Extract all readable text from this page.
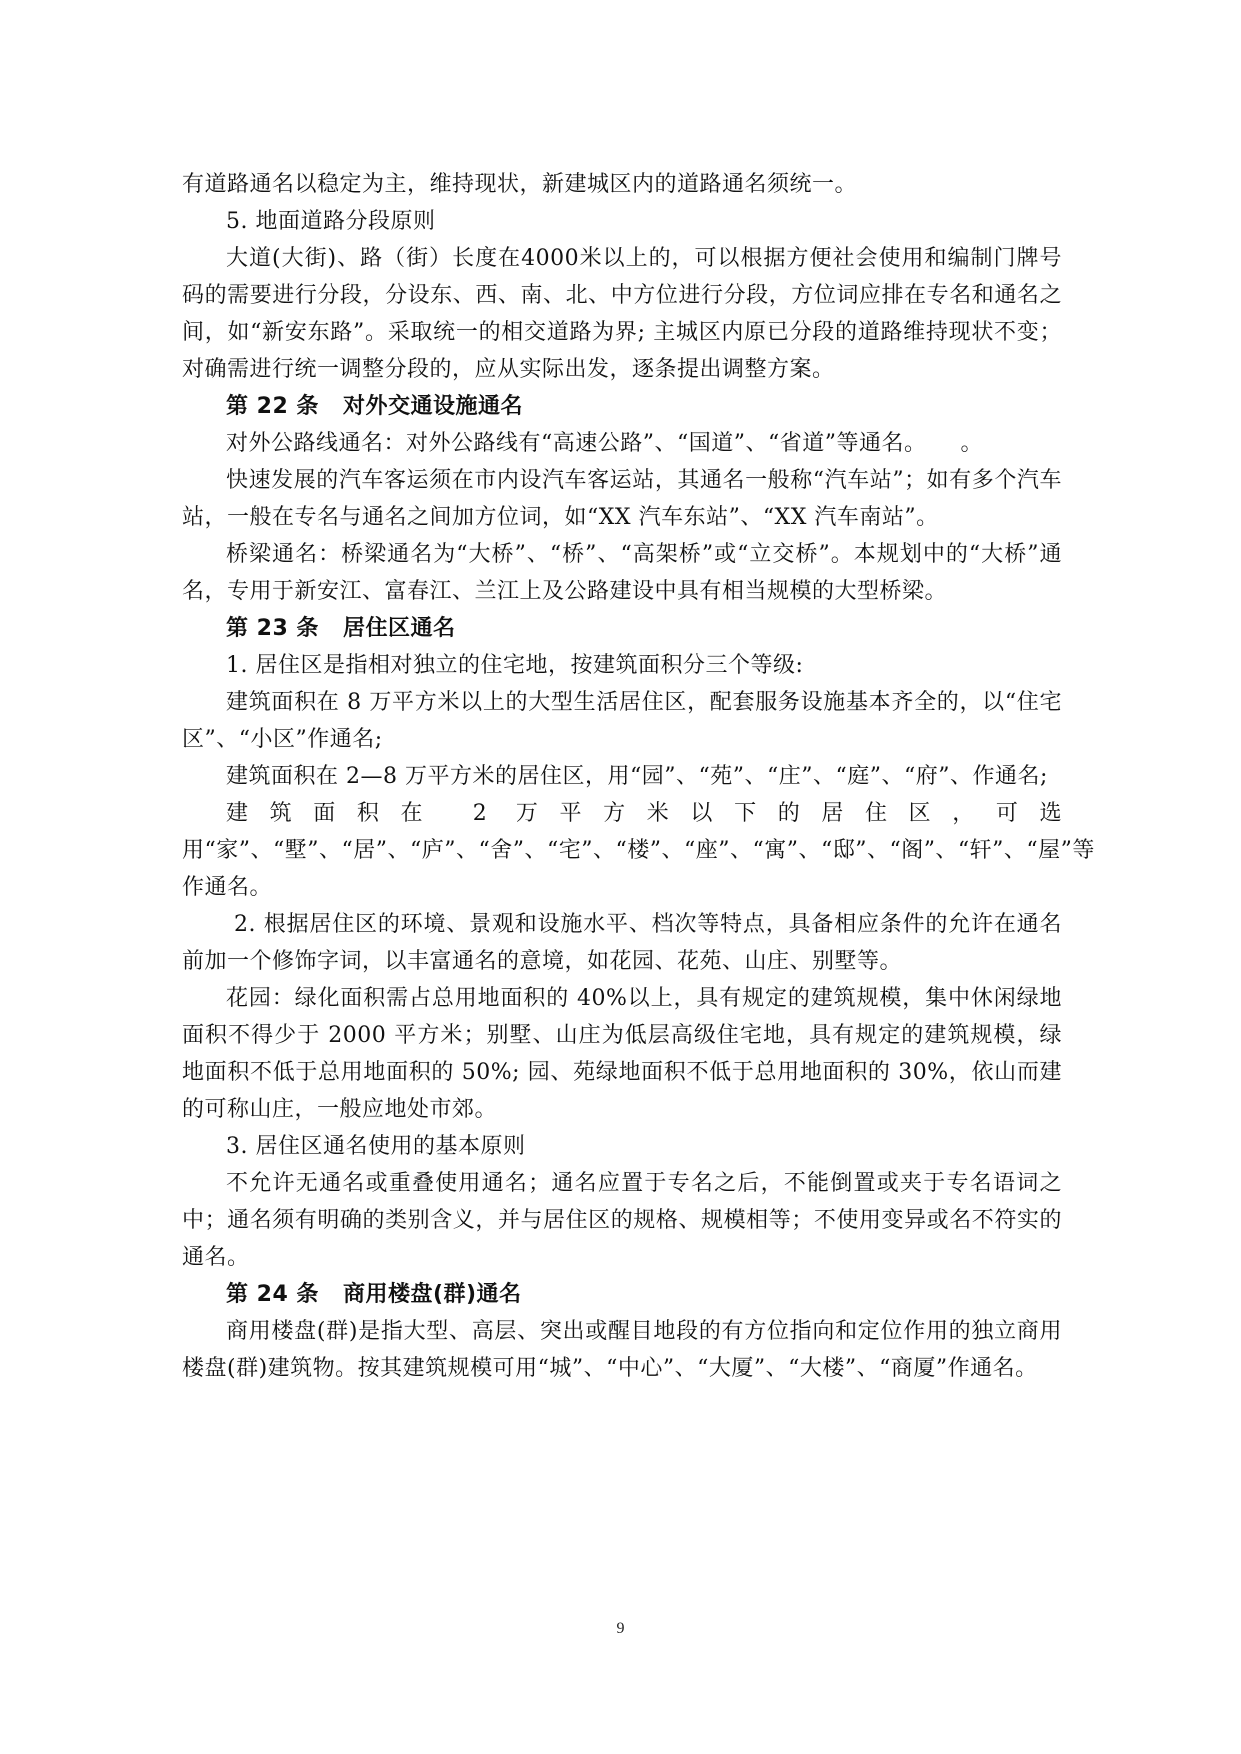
有道路通名以稳定为主，维持现状，新建城区内的道路通名须统一。

5. 地面道路分段原则

大道(大街)、路（街）长度在4000米以上的，可以根据方便社会使用和编制门牌号码的需要进行分段，分设东、西、南、北、中方位进行分段，方位词应排在专名和通名之间，如“新安东路”。采取统一的相交道路为界; 主城区内原已分段的道路维持现状不变；对确需进行统一调整分段的，应从实际出发，逐条提出调整方案。

第 22 条 对外交通设施通名

对外公路线通名：对外公路线有“高速公路”、“国道”、“省道”等通名。　　。

快速发展的汽车客运须在市内设汽车客运站，其通名一般称“汽车站”；如有多个汽车站，一般在专名与通名之间加方位词，如“XX 汽车东站”、“XX 汽车南站”。

桥梁通名：桥梁通名为“大桥”、“桥”、“高架桥”或“立交桥”。本规划中的“大桥”通名，专用于新安江、富春江、兰江上及公路建设中具有相当规模的大型桥梁。

第 23 条 居住区通名

1. 居住区是指相对独立的住宅地，按建筑面积分三个等级:

建筑面积在 8 万平方米以上的大型生活居住区，配套服务设施基本齐全的，以“住宅区”、“小区”作通名;

建筑面积在 2—8 万平方米的居住区，用“园”、“苑”、“庄”、“庭”、“府”、作通名;

建筑面积在 2 万平方米以下的居住区，可选用“家”、“墅”、“居”、“庐”、“舍”、“宅”、“楼”、“座”、“寓”、“邸”、“阁”、“轩”、“屋”等作通名。

2. 根据居住区的环境、景观和设施水平、档次等特点，具备相应条件的允许在通名前加一个修饰字词，以丰富通名的意境，如花园、花苑、山庄、别墅等。

花园：绿化面积需占总用地面积的 40%以上，具有规定的建筑规模，集中休闲绿地面积不得少于 2000 平方米；别墅、山庄为低层高级住宅地，具有规定的建筑规模，绿地面积不低于总用地面积的 50%; 园、苑绿地面积不低于总用地面积的 30%，依山而建的可称山庄，一般应地处市郊。

3. 居住区通名使用的基本原则

不允许无通名或重叠使用通名；通名应置于专名之后，不能倒置或夹于专名语词之中；通名须有明确的类别含义，并与居住区的规格、规模相等；不使用变异或名不符实的通名。

第 24 条 商用楼盘(群)通名

商用楼盘(群)是指大型、高层、突出或醒目地段的有方位指向和定位作用的独立商用楼盘(群)建筑物。按其建筑规模可用“城”、“中心”、“大厦”、“大楼”、“商厦”作通名。

9
